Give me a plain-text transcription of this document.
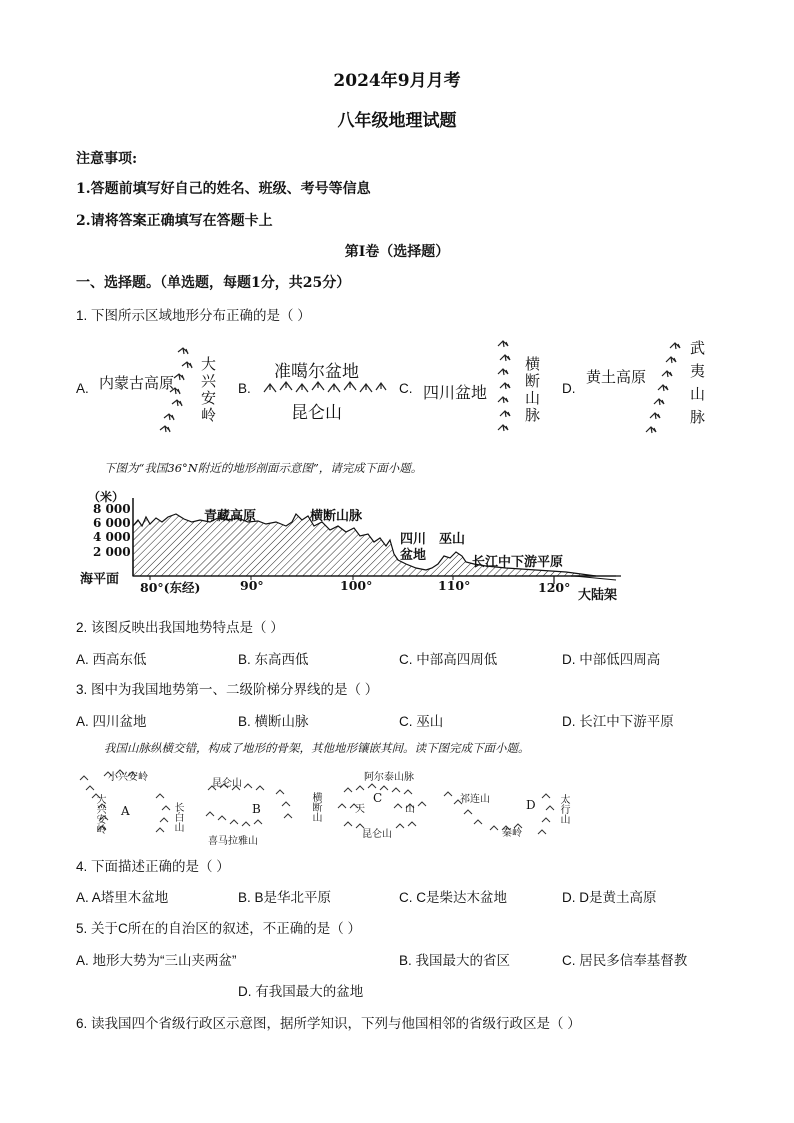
2024年9月月考
八年级地理试题
注意事项:
1.答题前填写好自己的姓名、班级、考号等信息
2.请将答案正确填写在答题卡上
第Ⅰ卷（选择题）
一、选择题。（单选题，每题1分，共25分）
1. 下图所示区域地形分布正确的是（ ）
A. 内蒙古高原 大兴安岭 B.
准噶尔盆地
昆仑山
C. 四川盆地 横断山脉 D.
黄土高原	武夷山脉
下图为“我国36°N附近的地形剖面示意图”，请完成下面小题。
（米）
8 000
6 000
4 000
2 000
海平面
80°(东经)	90°	100°	110°	120°
青藏高原	横断山脉
四川
盆地
巫山
长江中下游平原
大陆架
2. 该图反映出我国地势特点是（ ）
A. 西高东低	B. 东高西低	C. 中部高四周低	D. 中部低四周高
3. 图中为我国地势第一、二级阶梯分界线的是（ ）
A. 四川盆地	B. 横断山脉	C. 巫山	D. 长江中下游平原
我国山脉纵横交错，构成了地形的骨架，其他地形镶嵌其间。读下图完成下面小题。
小兴安岭
大兴安岭 A	长白山
昆仑山
B	横断山
喜马拉雅山
阿尔泰山脉
天
C
山
昆仑山
祁连山	D 太行山
秦岭
4. 下面描述正确的是（ ）
A. A塔里木盆地	B. B是华北平原	C. C是柴达木盆地	D. D是黄土高原
5. 关于C所在的自治区的叙述，不正确的是（ ）
A. 地形大势为“三山夹两盆”	B. 我国最大的省区	C. 居民多信奉基督教
D. 有我国最大的盆地
6. 读我国四个省级行政区示意图，据所学知识，下列与他国相邻的省级行政区是（ ）
